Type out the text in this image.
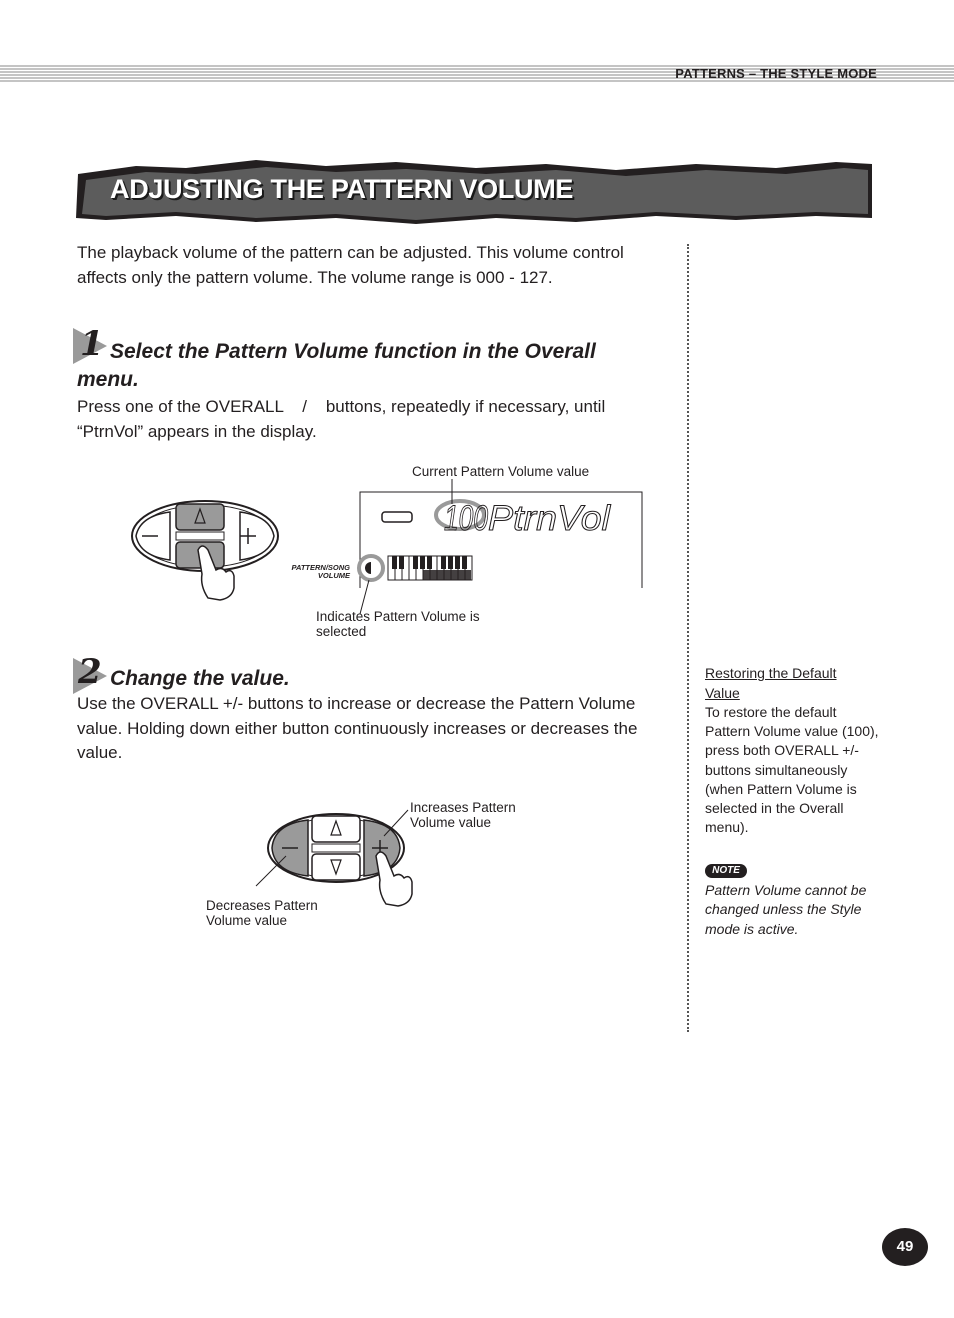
PATTERNS – THE STYLE MODE
ADJUSTING THE PATTERN VOLUME
The playback volume of the pattern can be adjusted. This volume control affects only the pattern volume. The volume range is 000 - 127.
1 Select the Pattern Volume function in the Overall menu.
Press one of the OVERALL    /    buttons, repeatedly if necessary, until
“PtrnVol” appears in the display.
PATTERN/SONG
VOLUME
100 PtrnVol
Current Pattern Volume value
Indicates Pattern Volume is
selected
2 Change the value.
Use the OVERALL +/- buttons to increase or decrease the Pattern Volume value. Holding down either button continuously increases or decreases the value.
Increases Pattern
Volume value
Decreases Pattern
Volume value
Restoring the Default Value
To restore the default Pattern Volume value (100), press both OVERALL +/- buttons simultaneously (when Pattern Volume is selected in the Overall menu).
NOTE
Pattern Volume cannot be changed unless the Style mode is active.
49
